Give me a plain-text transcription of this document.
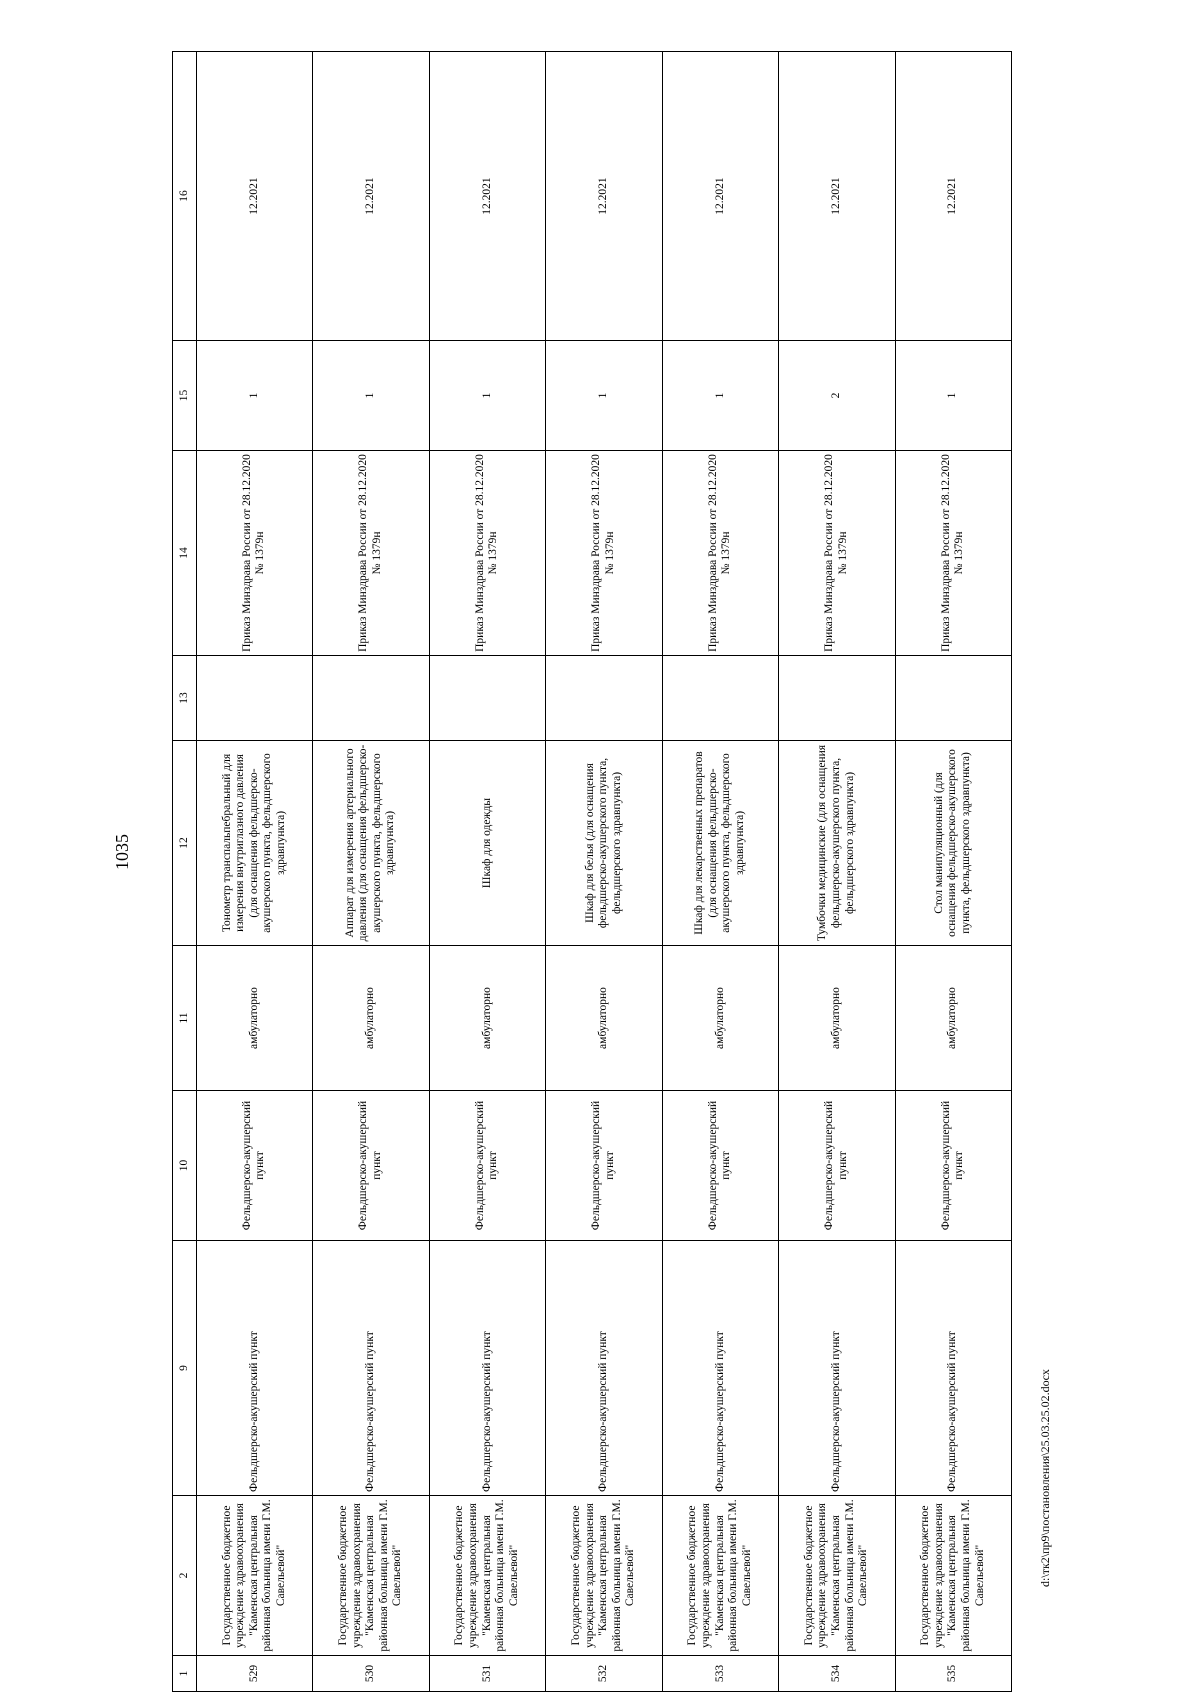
1035
1	2	9	10	11	12	13	14	15	16
529	Государственное бюджетное учреждение здравоохранения "Каменская центральная районная больница имени Г.М. Савельевой"	Фельдшерско-акушерский пункт	Фельдшерско-акушерский пункт	амбулаторно	Тонометр транспальпебральный для измерения внутриглазного давления (для оснащения фельдшерско-акушерского пункта, фельдшерского здравпункта)		Приказ Минздрава России от 28.12.2020 № 1379н	1	12.2021
530	Государственное бюджетное учреждение здравоохранения "Каменская центральная районная больница имени Г.М. Савельевой"	Фельдшерско-акушерский пункт	Фельдшерско-акушерский пункт	амбулаторно	Аппарат для измерения артериального давления (для оснащения фельдшерско-акушерского пункта, фельдшерского здравпункта)		Приказ Минздрава России от 28.12.2020 № 1379н	1	12.2021
531	Государственное бюджетное учреждение здравоохранения "Каменская центральная районная больница имени Г.М. Савельевой"	Фельдшерско-акушерский пункт	Фельдшерско-акушерский пункт	амбулаторно	Шкаф для одежды		Приказ Минздрава России от 28.12.2020 № 1379н	1	12.2021
532	Государственное бюджетное учреждение здравоохранения "Каменская центральная районная больница имени Г.М. Савельевой"	Фельдшерско-акушерский пункт	Фельдшерско-акушерский пункт	амбулаторно	Шкаф для белья (для оснащения фельдшерско-акушерского пункта, фельдшерского здравпункта)		Приказ Минздрава России от 28.12.2020 № 1379н	1	12.2021
533	Государственное бюджетное учреждение здравоохранения "Каменская центральная районная больница имени Г.М. Савельевой"	Фельдшерско-акушерский пункт	Фельдшерско-акушерский пункт	амбулаторно	Шкаф для лекарственных препаратов (для оснащения фельдшерско-акушерского пункта, фельдшерского здравпункта)		Приказ Минздрава России от 28.12.2020 № 1379н	1	12.2021
534	Государственное бюджетное учреждение здравоохранения "Каменская центральная районная больница имени Г.М. Савельевой"	Фельдшерско-акушерский пункт	Фельдшерско-акушерский пункт	амбулаторно	Тумбочки медицинские (для оснащения фельдшерско-акушерского пункта, фельдшерского здравпункта)		Приказ Минздрава России от 28.12.2020 № 1379н	2	12.2021
535	Государственное бюджетное учреждение здравоохранения "Каменская центральная районная больница имени Г.М. Савельевой"	Фельдшерско-акушерский пункт	Фельдшерско-акушерский пункт	амбулаторно	Стол манипуляционный (для оснащения фельдшерско-акушерского пункта, фельдшерского здравпункта)		Приказ Минздрава России от 28.12.2020 № 1379н	1	12.2021
d:\тк2\пр9\постановления\25.03.25.02.docx
